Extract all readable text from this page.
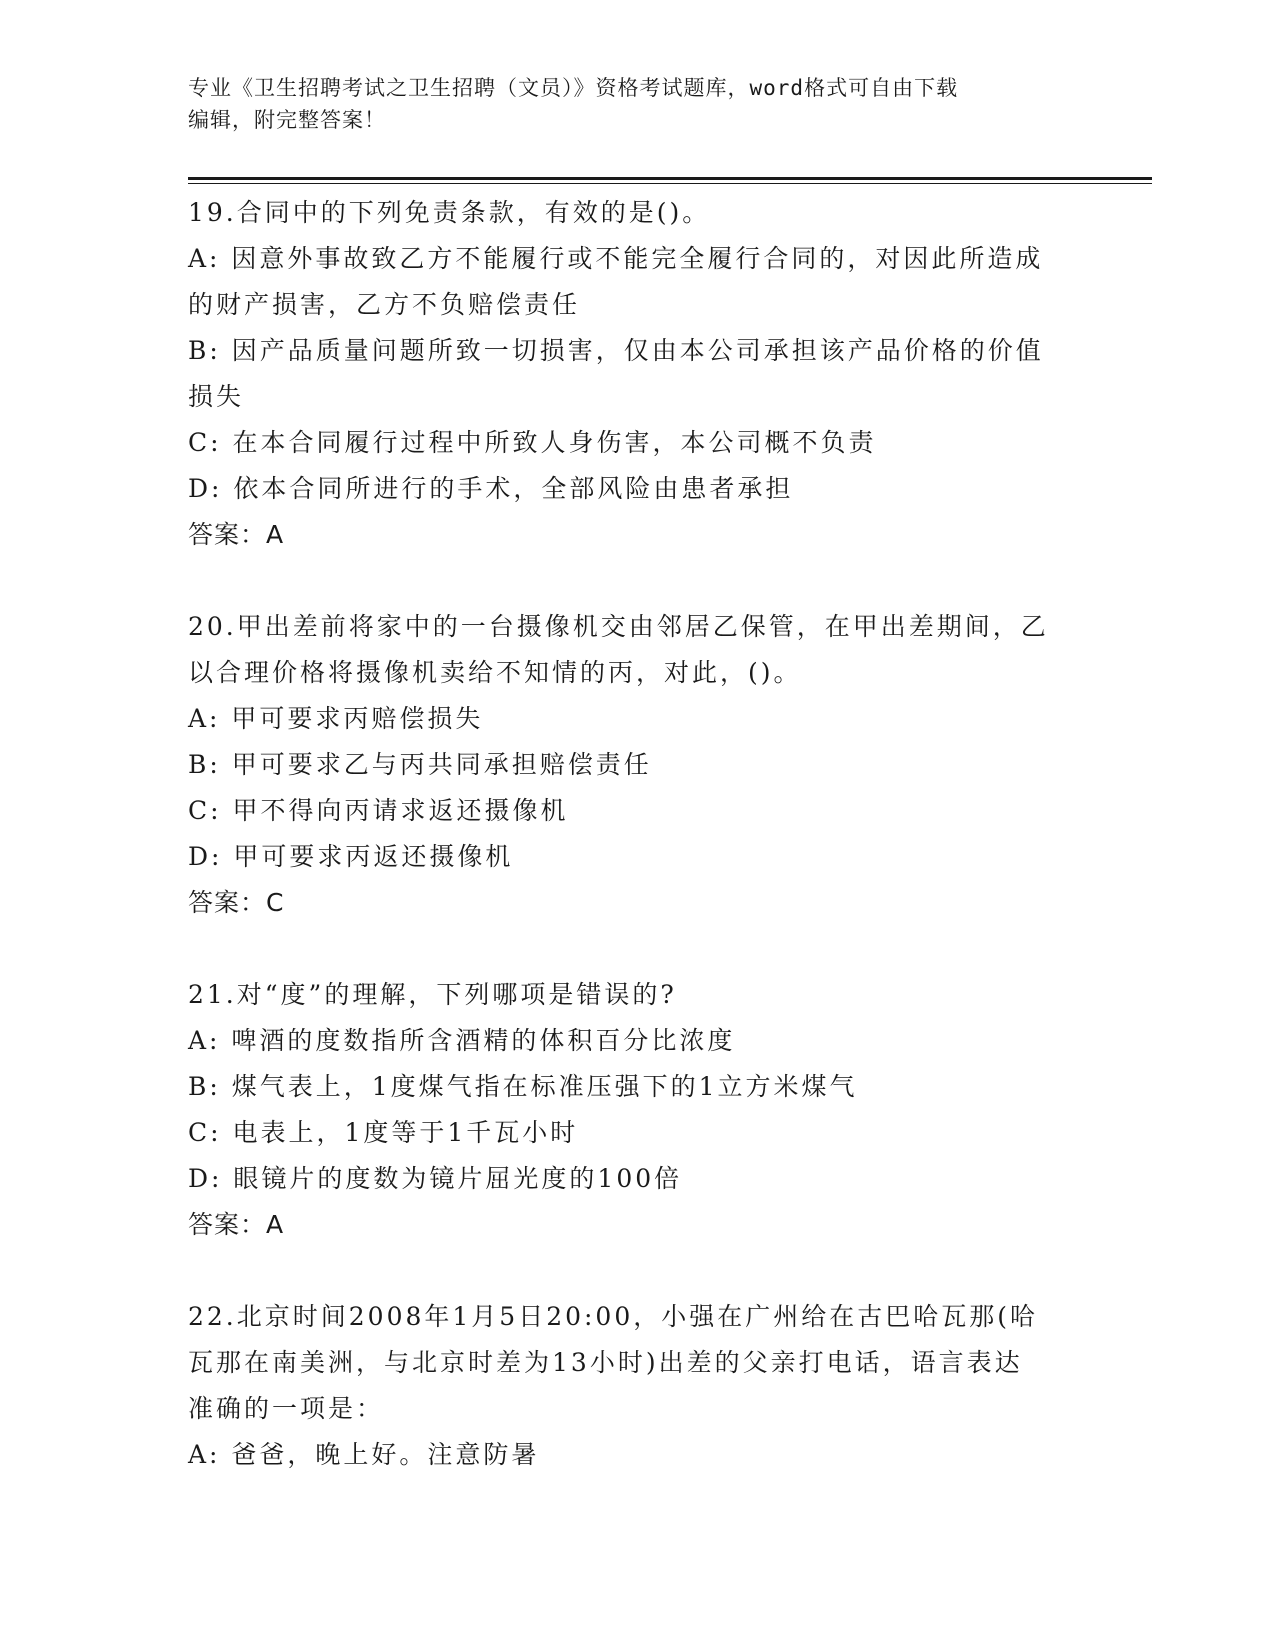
专业《卫生招聘考试之卫生招聘（文员）》资格考试题库，word格式可自由下载
编辑，附完整答案！
19.合同中的下列免责条款，有效的是()。
A: 因意外事故致乙方不能履行或不能完全履行合同的，对因此所造成
的财产损害，乙方不负赔偿责任
B: 因产品质量问题所致一切损害，仅由本公司承担该产品价格的价值
损失
C: 在本合同履行过程中所致人身伤害，本公司概不负责
D: 依本合同所进行的手术，全部风险由患者承担
答案：A
20.甲出差前将家中的一台摄像机交由邻居乙保管，在甲出差期间，乙
以合理价格将摄像机卖给不知情的丙，对此，()。
A: 甲可要求丙赔偿损失
B: 甲可要求乙与丙共同承担赔偿责任
C: 甲不得向丙请求返还摄像机
D: 甲可要求丙返还摄像机
答案：C
21.对“度”的理解，下列哪项是错误的?
A: 啤酒的度数指所含酒精的体积百分比浓度
B: 煤气表上，1度煤气指在标准压强下的1立方米煤气
C: 电表上，1度等于1千瓦小时
D: 眼镜片的度数为镜片屈光度的100倍
答案：A
22.北京时间2008年1月5日20:00，小强在广州给在古巴哈瓦那(哈
瓦那在南美洲，与北京时差为13小时)出差的父亲打电话，语言表达
准确的一项是：
A: 爸爸，晚上好。注意防暑
